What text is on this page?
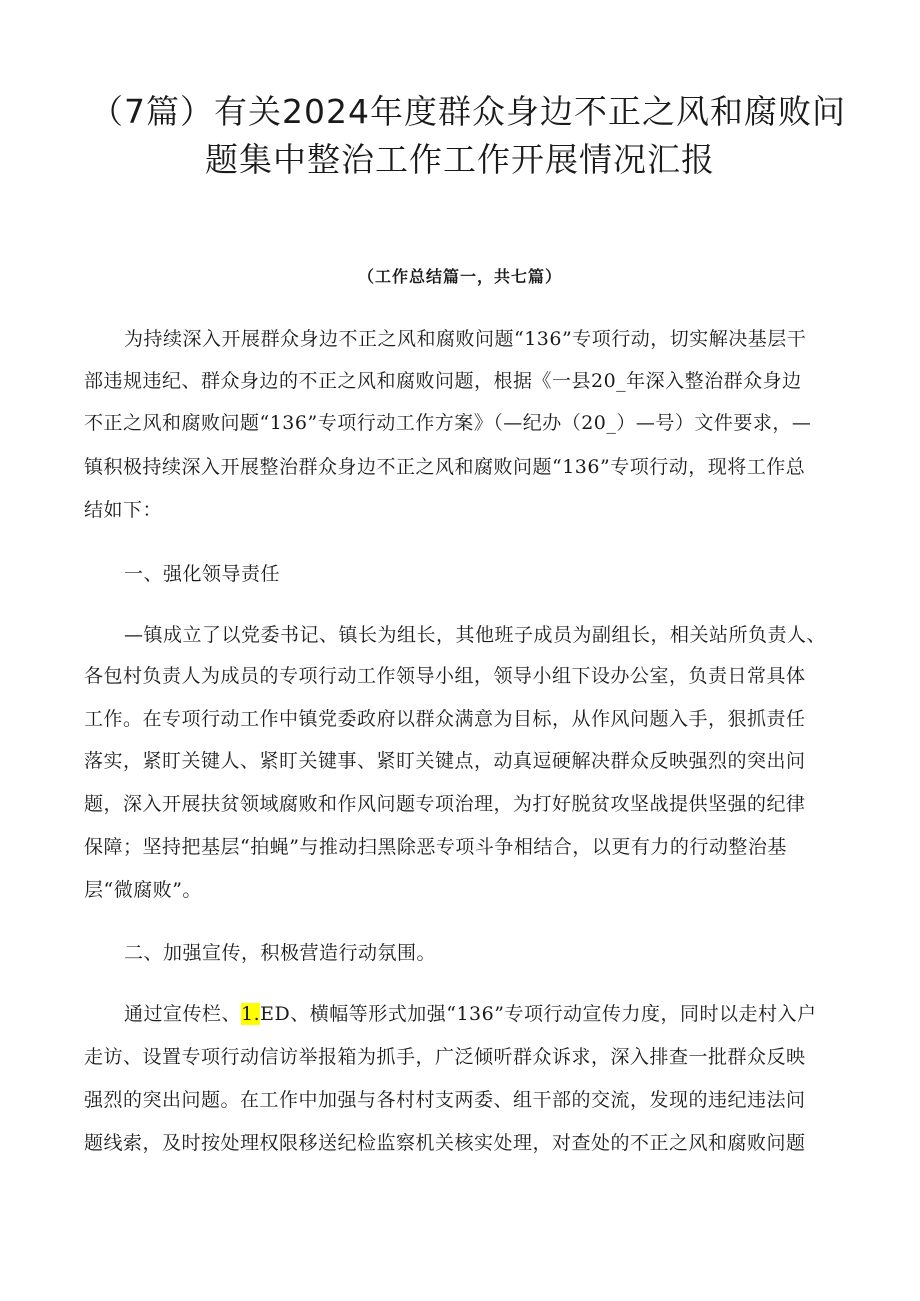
（7篇）有关2024年度群众身边不正之风和腐败问
题集中整治工作工作开展情况汇报
（工作总结篇一，共七篇）
为持续深入开展群众身边不正之风和腐败问题“136”专项行动，切实解决基层干
部违规违纪、群众身边的不正之风和腐败问题，根据《一县20_年深入整治群众身边
不正之风和腐败问题“136”专项行动工作方案》（—纪办（20_）—号）文件要求，—
镇积极持续深入开展整治群众身边不正之风和腐败问题“136”专项行动，现将工作总
结如下：
一、强化领导责任
—镇成立了以党委书记、镇长为组长，其他班子成员为副组长，相关站所负责人、
各包村负责人为成员的专项行动工作领导小组，领导小组下设办公室，负责日常具体
工作。在专项行动工作中镇党委政府以群众满意为目标，从作风问题入手，狠抓责任
落实，紧盯关键人、紧盯关键事、紧盯关键点，动真逗硬解决群众反映强烈的突出问
题，深入开展扶贫领域腐败和作风问题专项治理，为打好脱贫攻坚战提供坚强的纪律
保障；坚持把基层“拍蝇”与推动扫黑除恶专项斗争相结合，以更有力的行动整治基
层“微腐败”。
二、加强宣传，积极营造行动氛围。
通过宣传栏、1.ED、横幅等形式加强“136”专项行动宣传力度，同时以走村入户
走访、设置专项行动信访举报箱为抓手，广泛倾听群众诉求，深入排查一批群众反映
强烈的突出问题。在工作中加强与各村村支两委、组干部的交流，发现的违纪违法问
题线索，及时按处理权限移送纪检监察机关核实处理，对查处的不正之风和腐败问题
